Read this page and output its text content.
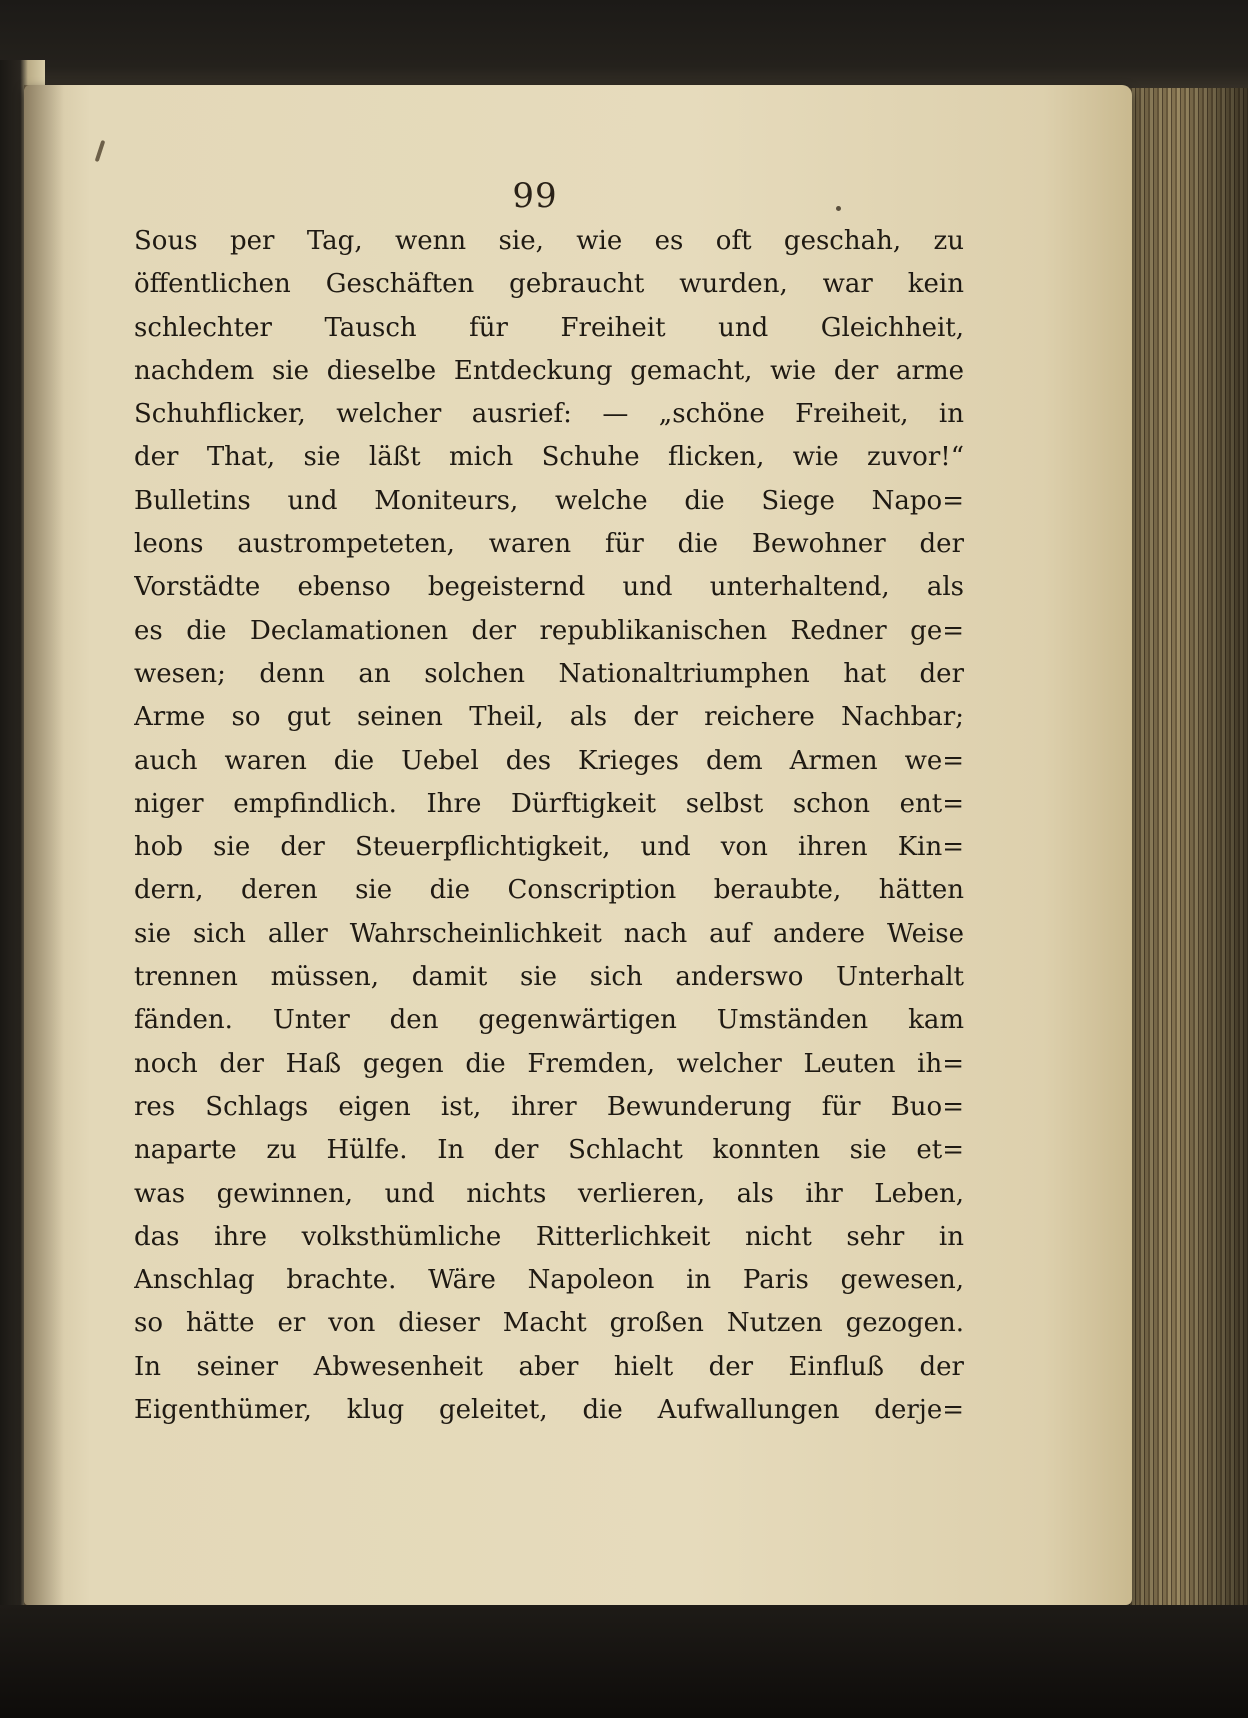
99
Sous per Tag, wenn sie, wie es oft geschah, zu
öffentlichen Geschäften gebraucht wurden, war kein
schlechter Tausch für Freiheit und Gleichheit,
nachdem sie dieselbe Entdeckung gemacht, wie der arme
Schuhflicker, welcher ausrief: — „schöne Freiheit, in
der That, sie läßt mich Schuhe flicken, wie zuvor!“
Bulletins und Moniteurs, welche die Siege Napo=
leons austrompeteten, waren für die Bewohner der
Vorstädte ebenso begeisternd und unterhaltend, als
es die Declamationen der republikanischen Redner ge=
wesen; denn an solchen Nationaltriumphen hat der
Arme so gut seinen Theil, als der reichere Nachbar;
auch waren die Uebel des Krieges dem Armen we=
niger empfindlich. Ihre Dürftigkeit selbst schon ent=
hob sie der Steuerpflichtigkeit, und von ihren Kin=
dern, deren sie die Conscription beraubte, hätten
sie sich aller Wahrscheinlichkeit nach auf andere Weise
trennen müssen, damit sie sich anderswo Unterhalt
fänden. Unter den gegenwärtigen Umständen kam
noch der Haß gegen die Fremden, welcher Leuten ih=
res Schlags eigen ist, ihrer Bewunderung für Buo=
naparte zu Hülfe. In der Schlacht konnten sie et=
was gewinnen, und nichts verlieren, als ihr Leben,
das ihre volksthümliche Ritterlichkeit nicht sehr in
Anschlag brachte. Wäre Napoleon in Paris gewesen,
so hätte er von dieser Macht großen Nutzen gezogen.
In seiner Abwesenheit aber hielt der Einfluß der
Eigenthümer, klug geleitet, die Aufwallungen derje=
